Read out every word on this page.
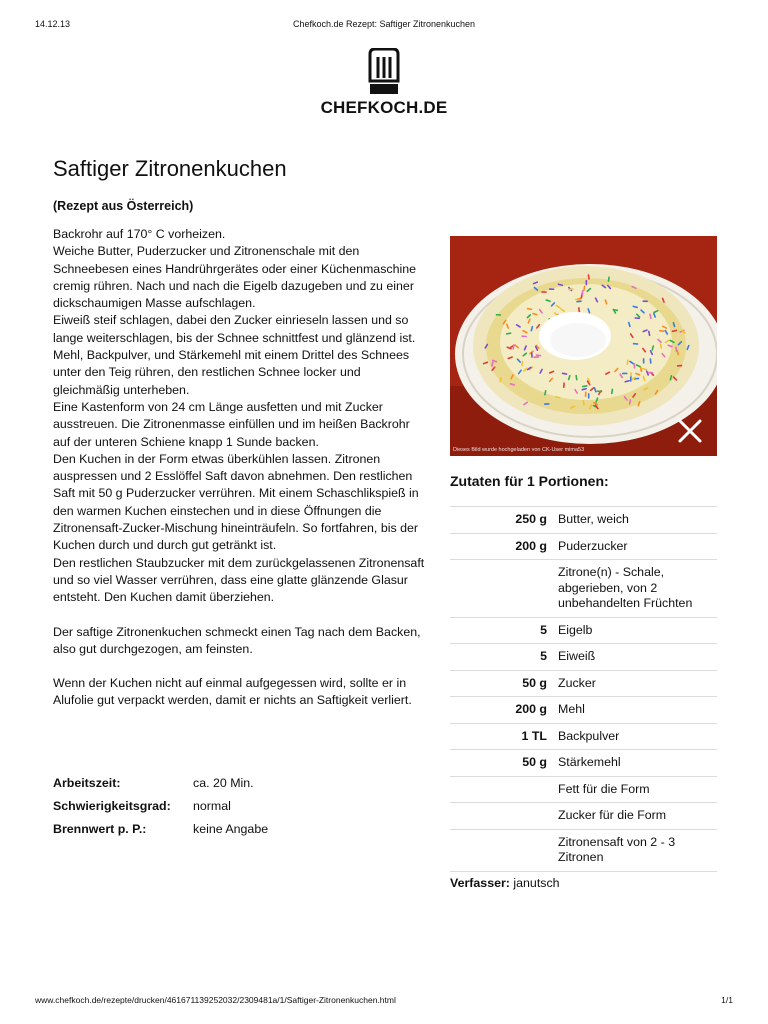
14.12.13	Chefkoch.de Rezept: Saftiger Zitronenkuchen
CHEFKOCH.DE
Saftiger Zitronenkuchen
(Rezept aus Österreich)

Backrohr auf 170° C vorheizen.
Weiche Butter, Puderzucker und Zitronenschale mit den Schneebesen eines Handrührgerätes oder einer Küchenmaschine cremig rühren. Nach und nach die Eigelb dazugeben und zu einer dickschaumigen Masse aufschlagen.
Eiweiß steif schlagen, dabei den Zucker einrieseln lassen und so lange weiterschlagen, bis der Schnee schnittfest und glänzend ist. Mehl, Backpulver, und Stärkemehl mit einem Drittel des Schnees unter den Teig rühren, den restlichen Schnee locker und gleichmäßig unterheben.
Eine Kastenform von 24 cm Länge ausfetten und mit Zucker ausstreuen. Die Zitronenmasse einfüllen und im heißen Backrohr auf der unteren Schiene knapp 1 Sunde backen.
Den Kuchen in der Form etwas überkühlen lassen. Zitronen auspressen und 2 Esslöffel Saft davon abnehmen. Den restlichen Saft mit 50 g Puderzucker verrühren. Mit einem Schaschlikspieß in den warmen Kuchen einstechen und in diese Öffnungen die Zitronensaft-Zucker-Mischung hineinträufeln. So fortfahren, bis der Kuchen durch und durch gut getränkt ist.
Den restlichen Staubzucker mit dem zurückgelassenen Zitronensaft und so viel Wasser verrühren, dass eine glatte glänzende Glasur entsteht. Den Kuchen damit überziehen.

Der saftige Zitronenkuchen schmeckt einen Tag nach dem Backen, also gut durchgezogen, am feinsten.

Wenn der Kuchen nicht auf einmal aufgegessen wird, sollte er in Alufolie gut verpackt werden, damit er nichts an Saftigkeit verliert.

Arbeitszeit:	ca. 20 Min.
Schwierigkeitsgrad:	normal
Brennwert p. P.:	keine Angabe
Dieses Bild wurde hochgeladen von CK-User mima53
Zutaten für 1 Portionen:
250 g	Butter, weich
200 g	Puderzucker
	Zitrone(n) - Schale, abgerieben, von 2 unbehandelten Früchten
5	Eigelb
5	Eiweiß
50 g	Zucker
200 g	Mehl
1 TL	Backpulver
50 g	Stärkemehl
	Fett für die Form
	Zucker für die Form
	Zitronensaft von 2 - 3 Zitronen
Verfasser: janutsch
www.chefkoch.de/rezepte/drucken/461671139252032/2309481a/1/Saftiger-Zitronenkuchen.html	1/1
